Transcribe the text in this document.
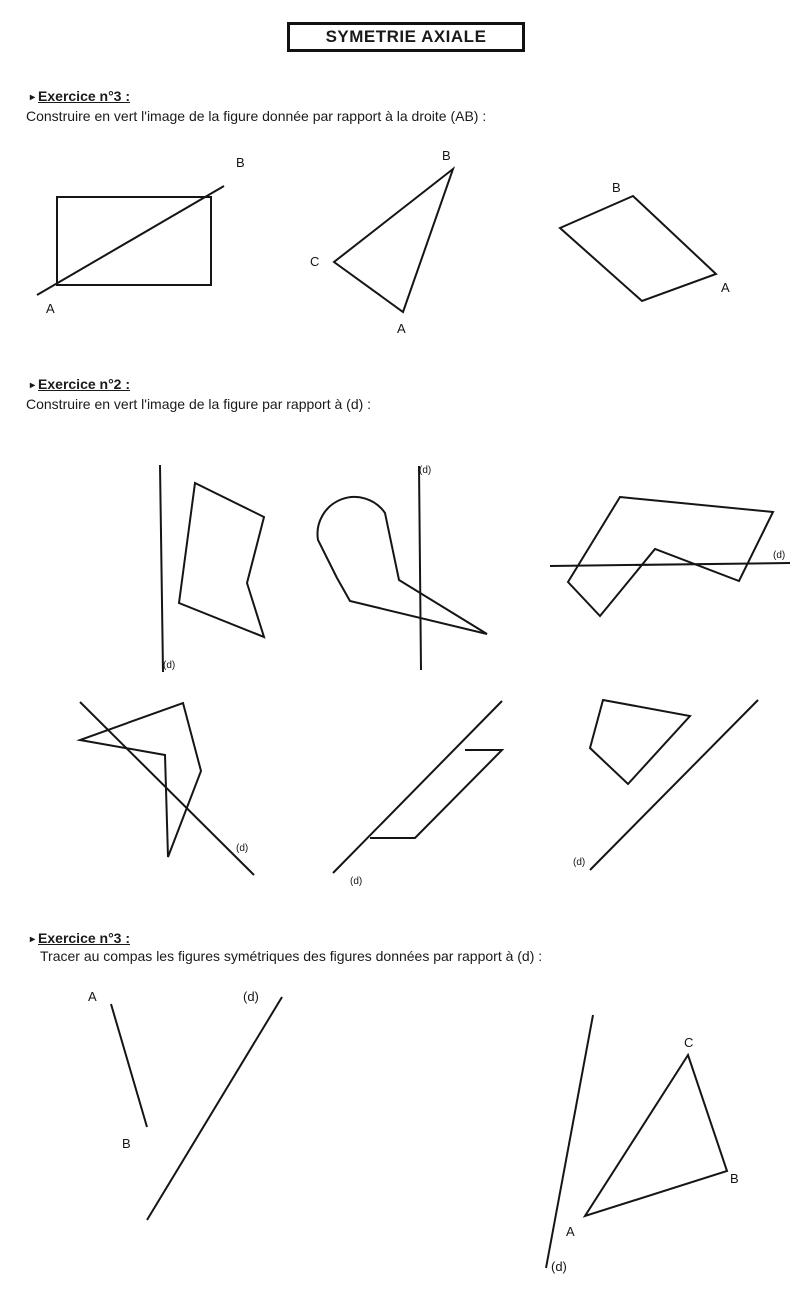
SYMETRIE AXIALE
▸ Exercice n°3 :
Construire en vert l'image de la figure donnée par rapport à la droite (AB) :
▸ Exercice n°2 :
Construire en vert l'image de la figure par rapport à (d) :
▸ Exercice n°3 :
Tracer au compas les figures symétriques des figures données par rapport à (d) :
A
B	B
C
A
B
A
(d)
(d)
(d)
(d)
(d)
(d)
A
B
(d)
C
B
A
(d)
